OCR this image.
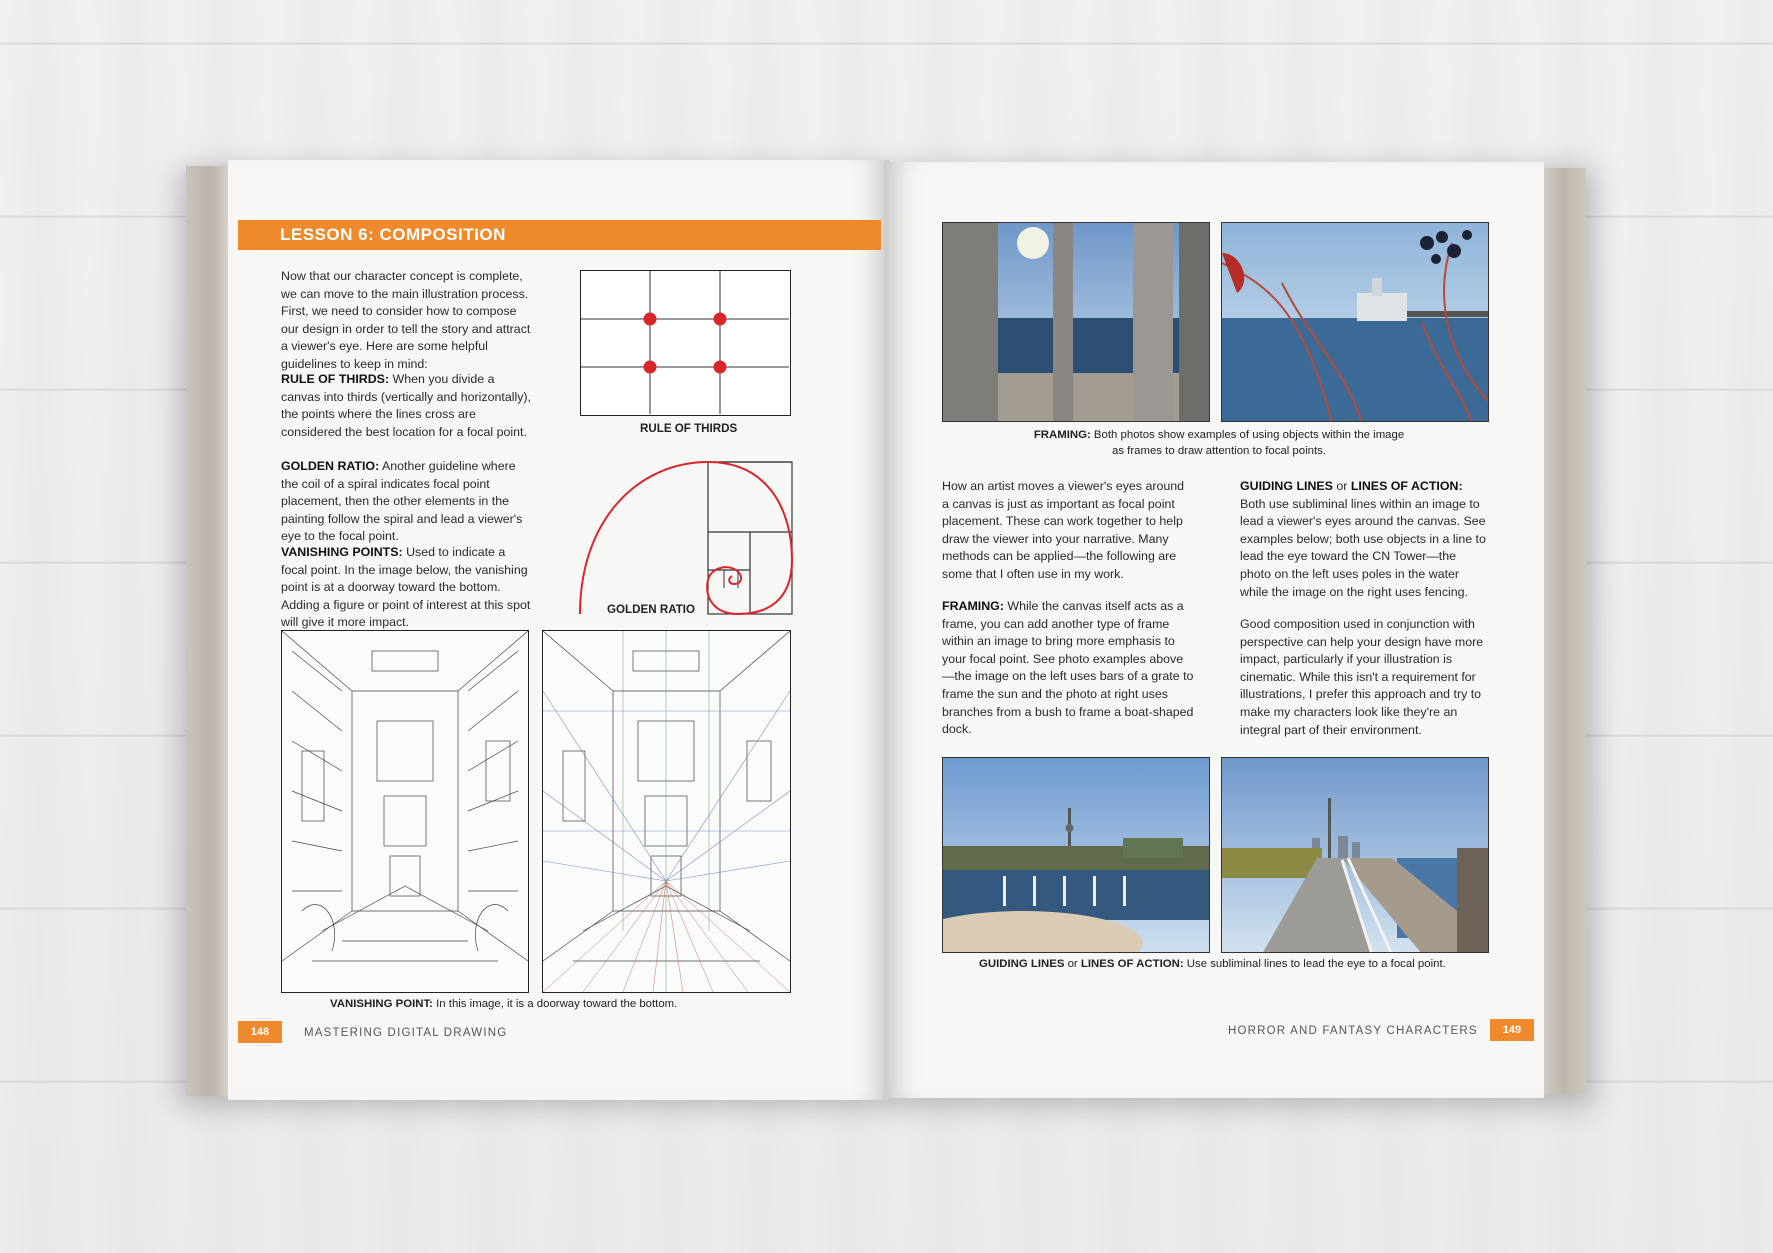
LESSON 6: COMPOSITION

Now that our character concept is complete, we can move to the main illustration process. First, we need to consider how to compose our design in order to tell the story and attract a viewer's eye. Here are some helpful guidelines to keep in mind:

RULE OF THIRDS: When you divide a canvas into thirds (vertically and horizontally), the points where the lines cross are considered the best location for a focal point.

GOLDEN RATIO: Another guideline where the coil of a spiral indicates focal point placement, then the other elements in the painting follow the spiral and lead a viewer's eye to the focal point.

VANISHING POINTS: Used to indicate a focal point. In the image below, the vanishing point is at a doorway toward the bottom. Adding a figure or point of interest at this spot will give it more impact.

RULE OF THIRDS
GOLDEN RATIO
VANISHING POINT: In this image, it is a doorway toward the bottom.
148	MASTERING DIGITAL DRAWING
FRAMING: Both photos show examples of using objects within the image as frames to draw attention to focal points.

How an artist moves a viewer's eyes around a canvas is just as important as focal point placement. These can work together to help draw the viewer into your narrative. Many methods can be applied—the following are some that I often use in my work.

FRAMING: While the canvas itself acts as a frame, you can add another type of frame within an image to bring more emphasis to your focal point. See photo examples above—the image on the left uses bars of a grate to frame the sun and the photo at right uses branches from a bush to frame a boat-shaped dock.

GUIDING LINES or LINES OF ACTION:
Both use subliminal lines within an image to lead a viewer's eyes around the canvas. See examples below; both use objects in a line to lead the eye toward the CN Tower—the photo on the left uses poles in the water while the image on the right uses fencing.

Good composition used in conjunction with perspective can help your design have more impact, particularly if your illustration is cinematic. While this isn't a requirement for illustrations, I prefer this approach and try to make my characters look like they're an integral part of their environment.

GUIDING LINES or LINES OF ACTION: Use subliminal lines to lead the eye to a focal point.
HORROR AND FANTASY CHARACTERS	149
